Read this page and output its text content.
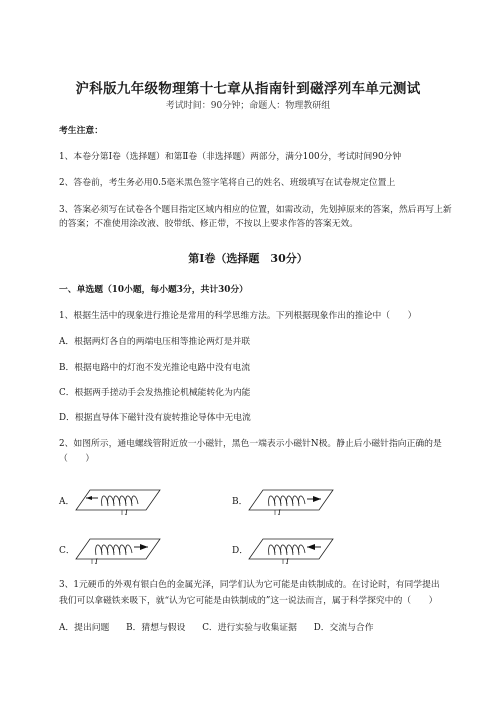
沪科版九年级物理第十七章从指南针到磁浮列车单元测试
考试时间：90分钟；命题人：物理教研组
考生注意：
1、本卷分第Ⅰ卷（选择题）和第Ⅱ卷（非选择题）两部分，满分100分，考试时间90分钟
2、答卷前，考生务必用0.5毫米黑色签字笔将自己的姓名、班级填写在试卷规定位置上
3、答案必须写在试卷各个题目指定区域内相应的位置，如需改动，先划掉原来的答案，然后再写上新
的答案；不准使用涂改液、胶带纸、修正带，不按以上要求作答的答案无效。
第Ⅰ卷（选择题　30分）
一、单选题（10小题，每小题3分，共计30分）
1、根据生活中的现象进行推论是常用的科学思维方法。下列根据现象作出的推论中（　　）
A．根据两灯各自的两端电压相等推论两灯是并联
B．根据电路中的灯泡不发光推论电路中没有电流
C．根据两手搓动手会发热推论机械能转化为内能
D．根据直导体下磁针没有旋转推论导体中无电流
2、如图所示，通电螺线管附近放一小磁针，黑色一端表示小磁针N极。静止后小磁针指向正确的是
（　　）
A．
I
B．
I
C．
I
D．
I
3、1元硬币的外观有银白色的金属光泽，同学们认为它可能是由铁制成的。在讨论时，有同学提出
我们可以拿磁铁来吸下，就“认为它可能是由铁制成的”这一说法而言，属于科学探究中的（　　）
A．提出问题 B．猜想与假设 C．进行实验与收集证据 D．交流与合作
